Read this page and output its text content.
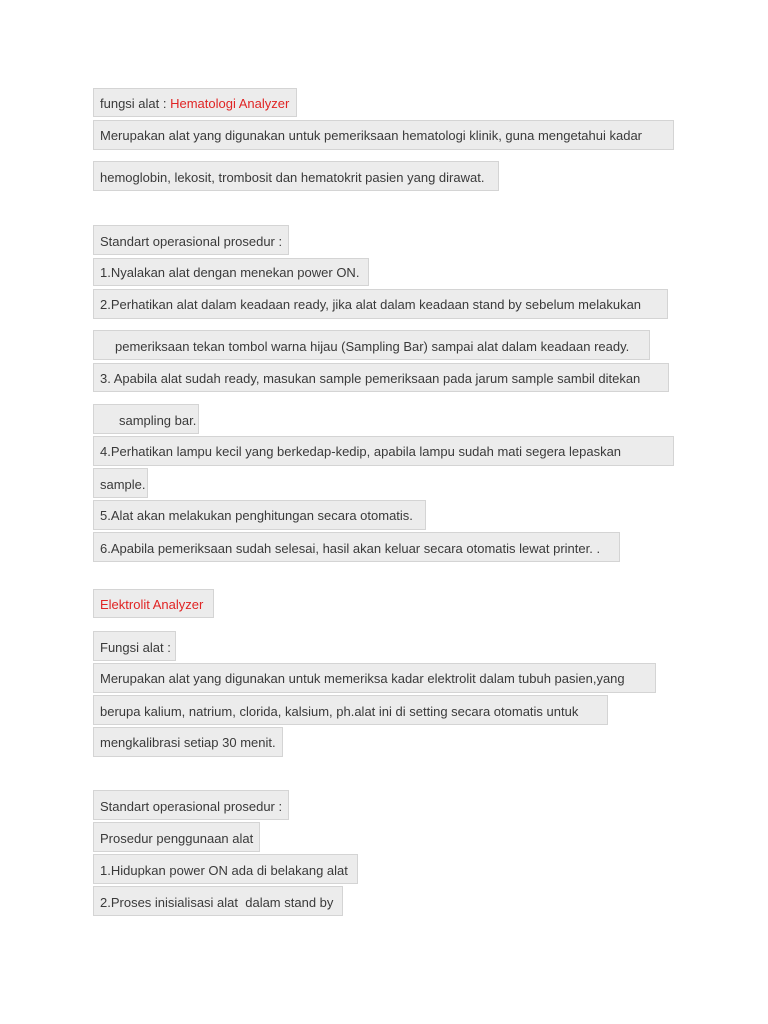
fungsi alat : Hematologi Analyzer
Merupakan alat yang digunakan untuk pemeriksaan hematologi klinik, guna mengetahui kadar
hemoglobin, lekosit, trombosit dan hematokrit pasien yang dirawat.
Standart operasional prosedur :
1.Nyalakan alat dengan menekan power ON.
2.Perhatikan alat dalam keadaan ready, jika alat dalam keadaan stand by sebelum melakukan
pemeriksaan tekan tombol warna hijau (Sampling Bar) sampai alat dalam keadaan ready.
3. Apabila alat sudah ready, masukan sample pemeriksaan pada jarum sample sambil ditekan
sampling bar.
4.Perhatikan lampu kecil yang berkedap-kedip, apabila lampu sudah mati segera lepaskan
sample.
5.Alat akan melakukan penghitungan secara otomatis.
6.Apabila pemeriksaan sudah selesai, hasil akan keluar secara otomatis lewat printer. .
Elektrolit Analyzer
Fungsi alat :
Merupakan alat yang digunakan untuk memeriksa kadar elektrolit dalam tubuh pasien,yang
berupa kalium, natrium, clorida, kalsium, ph.alat ini di setting secara otomatis untuk
mengkalibrasi setiap 30 menit.
Standart operasional prosedur :
Prosedur penggunaan alat
1.Hidupkan power ON ada di belakang alat
2.Proses inisialisasi alat  dalam stand by
